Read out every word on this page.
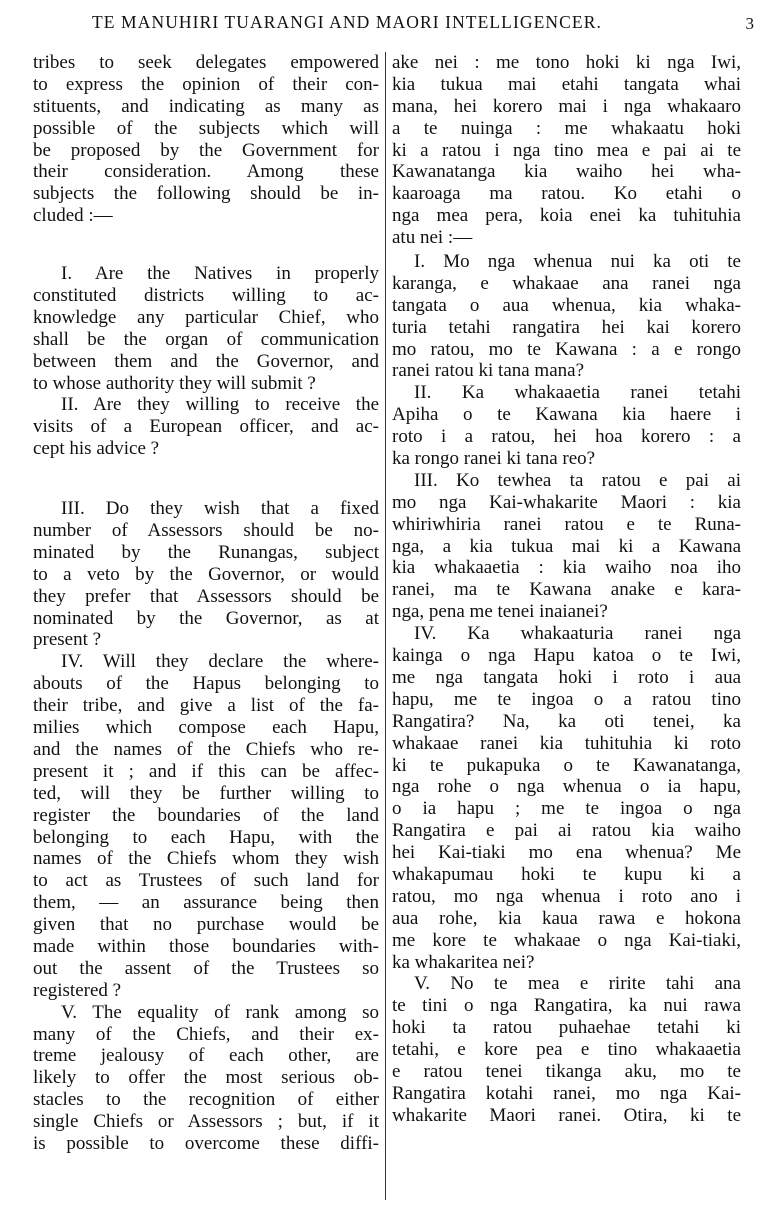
TE MANUHIRI TUARANGI AND MAORI INTELLIGENCER.	3
tribes to seek delegates empowered
to express the opinion of their con-
stituents, and indicating as many as
possible of the subjects which will
be proposed by the Government for
their consideration. Among these
subjects the following should be in-
cluded :—
I. Are the Natives in properly
constituted districts willing to ac-
knowledge any particular Chief, who
shall be the organ of communication
between them and the Governor, and
to whose authority they will submit ?
II. Are they willing to receive the
visits of a European officer, and ac-
cept his advice ?
III. Do they wish that a fixed
number of Assessors should be no-
minated by the Runangas, subject
to a veto by the Governor, or would
they prefer that Assessors should be
nominated by the Governor, as at
present ?
IV. Will they declare the where-
abouts of the Hapus belonging to
their tribe, and give a list of the fa-
milies which compose each Hapu,
and the names of the Chiefs who re-
present it ; and if this can be affec-
ted, will they be further willing to
register the boundaries of the land
belonging to each Hapu, with the
names of the Chiefs whom they wish
to act as Trustees of such land for
them, — an assurance being then
given that no purchase would be
made within those boundaries with-
out the assent of the Trustees so
registered ?
V. The equality of rank among so
many of the Chiefs, and their ex-
treme jealousy of each other, are
likely to offer the most serious ob-
stacles to the recognition of either
single Chiefs or Assessors ; but, if it
is possible to overcome these diffi-
ake nei : me tono hoki ki nga Iwi,
kia tukua mai etahi tangata whai
mana, hei korero mai i nga whakaaro
a te nuinga : me whakaatu hoki
ki a ratou i nga tino mea e pai ai te
Kawanatanga kia waiho hei wha-
kaaroaga ma ratou. Ko etahi o
nga mea pera, koia enei ka tuhituhia
atu nei :—
I. Mo nga whenua nui ka oti te
karanga, e whakaae ana ranei nga
tangata o aua whenua, kia whaka-
turia tetahi rangatira hei kai korero
mo ratou, mo te Kawana : a e rongo
ranei ratou ki tana mana?
II. Ka whakaaetia ranei tetahi
Apiha o te Kawana kia haere i
roto i a ratou, hei hoa korero : a
ka rongo ranei ki tana reo?
III. Ko tewhea ta ratou e pai ai
mo nga Kai-whakarite Maori : kia
whiriwhiria ranei ratou e te Runa-
nga, a kia tukua mai ki a Kawana
kia whakaaetia : kia waiho noa iho
ranei, ma te Kawana anake e kara-
nga, pena me tenei inaianei?
IV. Ka whakaaturia ranei nga
kainga o nga Hapu katoa o te Iwi,
me nga tangata hoki i roto i aua
hapu, me te ingoa o a ratou tino
Rangatira? Na, ka oti tenei, ka
whakaae ranei kia tuhituhia ki roto
ki te pukapuka o te Kawanatanga,
nga rohe o nga whenua o ia hapu,
o ia hapu ; me te ingoa o nga
Rangatira e pai ai ratou kia waiho
hei Kai-tiaki mo ena whenua? Me
whakapumau hoki te kupu ki a
ratou, mo nga whenua i roto ano i
aua rohe, kia kaua rawa e hokona
me kore te whakaae o nga Kai-tiaki,
ka whakaritea nei?
V. No te mea e ririte tahi ana
te tini o nga Rangatira, ka nui rawa
hoki ta ratou puhaehae tetahi ki
tetahi, e kore pea e tino whakaaetia
e ratou tenei tikanga aku, mo te
Rangatira kotahi ranei, mo nga Kai-
whakarite Maori ranei. Otira, ki te
